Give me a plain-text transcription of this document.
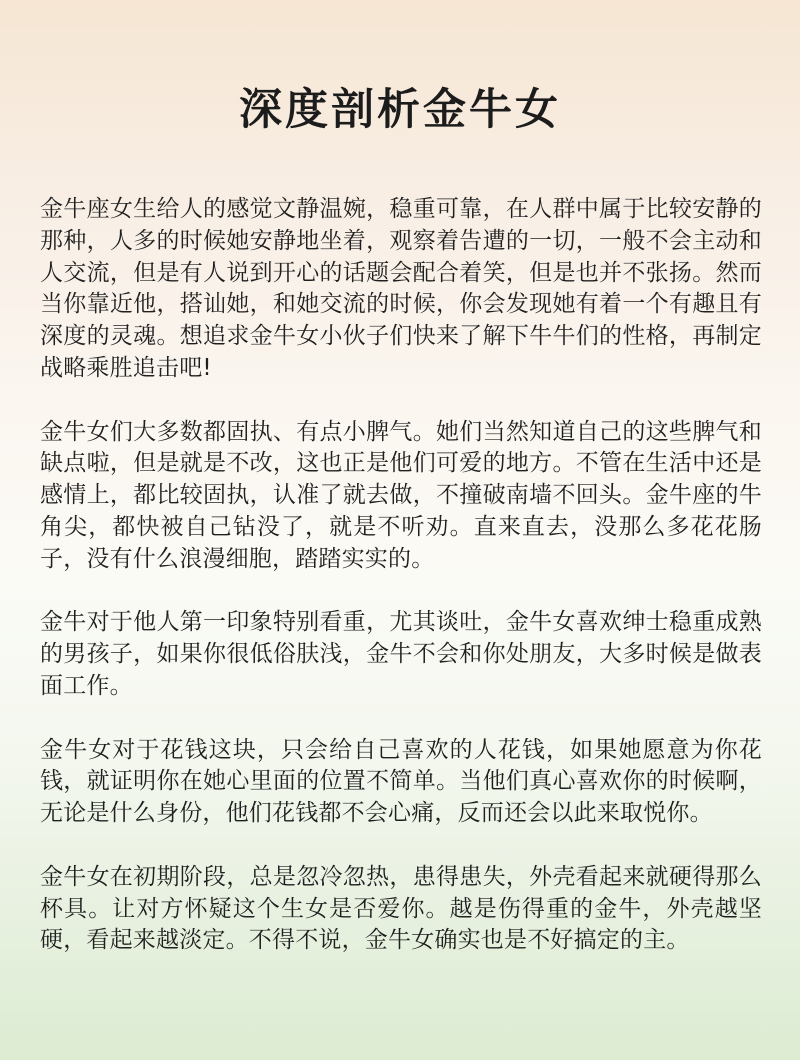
深度剖析金牛女

金牛座女生给人的感觉文静温婉，稳重可靠，在人群中属于比较安静的那种，人多的时候她安静地坐着，观察着告遭的一切，一般不会主动和人交流，但是有人说到开心的话题会配合着笑，但是也并不张扬。然而当你靠近他，搭讪她，和她交流的时候，你会发现她有着一个有趣且有深度的灵魂。想追求金牛女小伙子们快来了解下牛牛们的性格，再制定战略乘胜追击吧!

金牛女们大多数都固执、有点小脾气。她们当然知道自己的这些脾气和缺点啦，但是就是不改，这也正是他们可爱的地方。不管在生活中还是感情上，都比较固执，认准了就去做，不撞破南墙不回头。金牛座的牛角尖，都快被自己钻没了，就是不听劝。直来直去，没那么多花花肠子，没有什么浪漫细胞，踏踏实实的。

金牛对于他人第一印象特别看重，尤其谈吐，金牛女喜欢绅士稳重成熟的男孩子，如果你很低俗肤浅，金牛不会和你处朋友，大多时候是做表面工作。

金牛女对于花钱这块，只会给自己喜欢的人花钱，如果她愿意为你花钱，就证明你在她心里面的位置不简单。当他们真心喜欢你的时候啊，无论是什么身份，他们花钱都不会心痛，反而还会以此来取悦你。

金牛女在初期阶段，总是忽冷忽热，患得患失，外壳看起来就硬得那么杯具。让对方怀疑这个生女是否爱你。越是伤得重的金牛，外壳越坚硬，看起来越淡定。不得不说，金牛女确实也是不好搞定的主。
